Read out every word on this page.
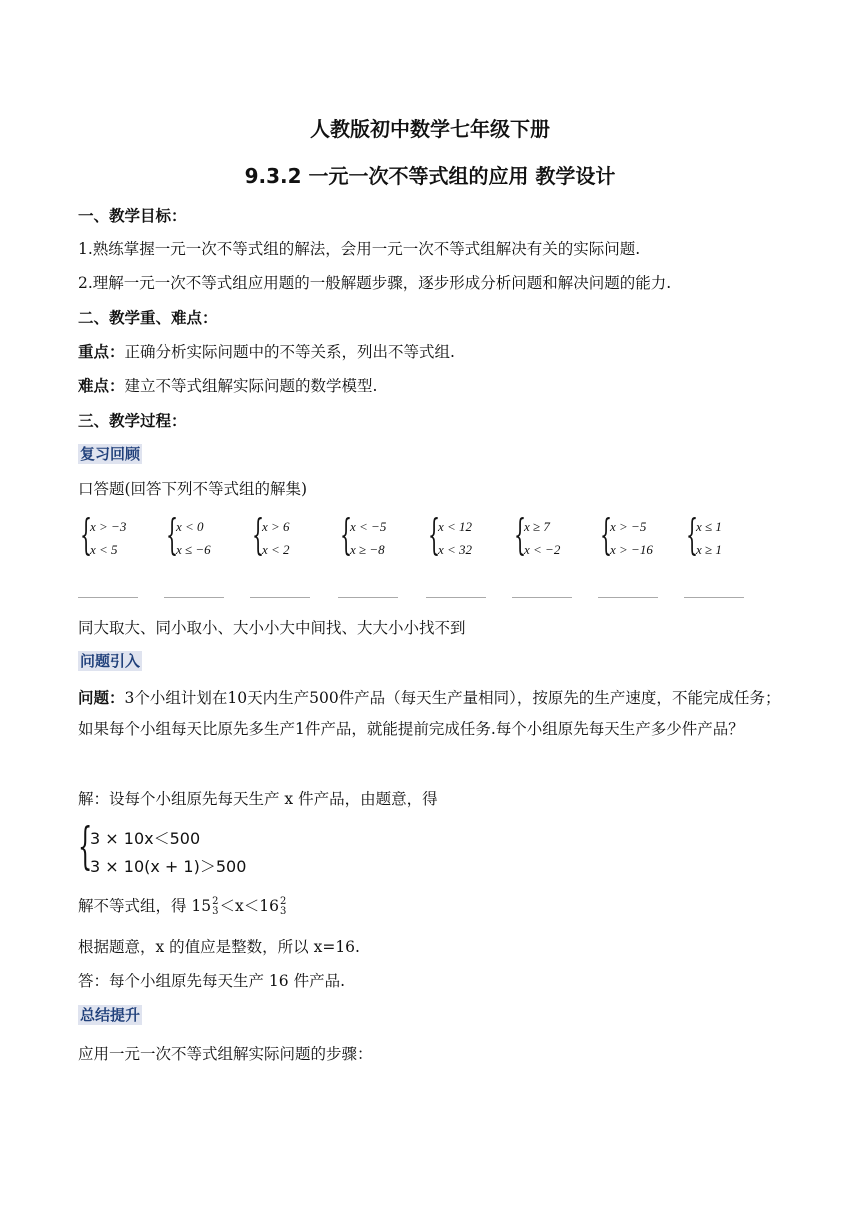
人教版初中数学七年级下册
9.3.2 一元一次不等式组的应用 教学设计
一、教学目标：
1.熟练掌握一元一次不等式组的解法，会用一元一次不等式组解决有关的实际问题.
2.理解一元一次不等式组应用题的一般解题步骤，逐步形成分析问题和解决问题的能力.
二、教学重、难点：
重点：正确分析实际问题中的不等关系，列出不等式组.
难点：建立不等式组解实际问题的数学模型.
三、教学过程：
复习回顾
口答题(回答下列不等式组的解集)
{
x > −3
x < 5 {
x < 0
x ≤ −6 {
x > 6
x < 2 {
x < −5
x ≥ −8 {
x < 12
x < 32 {
x ≥ 7
x < −2 {
x > −5
x > −16 {
x ≤ 1
x ≥ 1
同大取大、同小取小、大小小大中间找、大大小小找不到
问题引入
问题：3个小组计划在10天内生产500件产品（每天生产量相同），按原先的生产速度，不能完成任务；如果每个小组每天比原先多生产1件产品，就能提前完成任务.每个小组原先每天生产多少件产品？
解：设每个小组原先每天生产 x 件产品，由题意，得
{
3 × 10x＜500
3 × 10(x + 1)＞500
解不等式组，得 15 2
3 ＜x＜16 2
3
根据题意，x 的值应是整数，所以 x=16.
答：每个小组原先每天生产 16 件产品.
总结提升
应用一元一次不等式组解实际问题的步骤：
